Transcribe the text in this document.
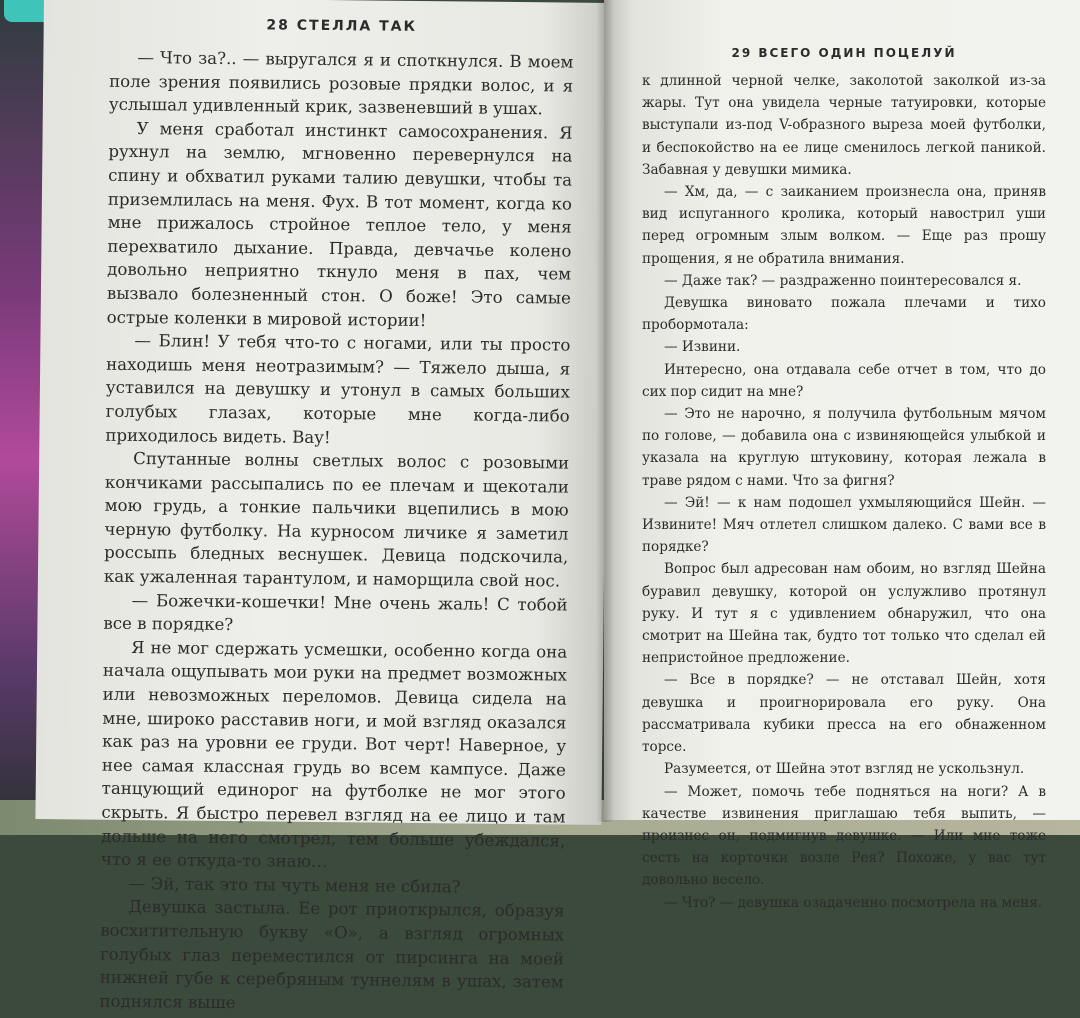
28 СТЕЛЛА ТАК

— Что за?.. — выругался я и споткнулся. В моем поле зрения появились розовые прядки волос, и я услышал удивленный крик, зазвеневший в ушах.

У меня сработал инстинкт самосохранения. Я рухнул на землю, мгновенно перевернулся на спину и обхватил руками талию девушки, чтобы та приземлилась на меня. Фух. В тот момент, когда ко мне прижалось стройное теплое тело, у меня перехватило дыхание. Правда, девчачье колено довольно неприятно ткнуло меня в пах, чем вызвало болезненный стон. О боже! Это самые острые коленки в мировой истории!

— Блин! У тебя что-то с ногами, или ты просто находишь меня неотразимым? — Тяжело дыша, я уставился на девушку и утонул в самых больших голубых глазах, которые мне когда-либо приходилось видеть. Вау!

Спутанные волны светлых волос с розовыми кончиками рассыпались по ее плечам и щекотали мою грудь, а тонкие пальчики вцепились в мою черную футболку. На курносом личике я заметил россыпь бледных веснушек. Девица подскочила, как ужаленная тарантулом, и наморщила свой нос.

— Божечки-кошечки! Мне очень жаль! С тобой все в порядке?

Я не мог сдержать усмешки, особенно когда она начала ощупывать мои руки на предмет возможных или невозможных переломов. Девица сидела на мне, широко расставив ноги, и мой взгляд оказался как раз на уровни ее груди. Вот черт! Наверное, у нее самая классная грудь во всем кампусе. Даже танцующий единорог на футболке не мог этого скрыть. Я быстро перевел взгляд на ее лицо и там дольше на него смотрел, тем больше убеждался, что я ее откуда-то знаю…

— Эй, так это ты чуть меня не сбила?

Девушка застыла. Ее рот приоткрылся, образуя восхитительную букву «О», а взгляд огромных голубых глаз переместился от пирсинга на моей нижней губе к серебряным туннелям в ушах, затем поднялся выше

29 ВСЕГО ОДИН ПОЦЕЛУЙ

к длинной черной челке, заколотой заколкой из-за жары. Тут она увидела черные татуировки, которые выступали из-под V-образного выреза моей футболки, и беспокойство на ее лице сменилось легкой паникой. Забавная у девушки мимика.

— Хм, да, — с заиканием произнесла она, приняв вид испуганного кролика, который навострил уши перед огромным злым волком. — Еще раз прошу прощения, я не обратила внимания.

— Даже так? — раздраженно поинтересовался я.

Девушка виновато пожала плечами и тихо пробормотала:

— Извини.

Интересно, она отдавала себе отчет в том, что до сих пор сидит на мне?

— Это не нарочно, я получила футбольным мячом по голове, — добавила она с извиняющейся улыбкой и указала на круглую штуковину, которая лежала в траве рядом с нами. Что за фигня?

— Эй! — к нам подошел ухмыляющийся Шейн. — Извините! Мяч отлетел слишком далеко. С вами все в порядке?

Вопрос был адресован нам обоим, но взгляд Шейна буравил девушку, которой он услужливо протянул руку. И тут я с удивлением обнаружил, что она смотрит на Шейна так, будто тот только что сделал ей непристойное предложение.

— Все в порядке? — не отставал Шейн, хотя девушка и проигнорировала его руку. Она рассматривала кубики пресса на его обнаженном торсе.

Разумеется, от Шейна этот взгляд не ускользнул.

— Может, помочь тебе подняться на ноги? А в качестве извинения приглашаю тебя выпить, — произнес он, подмигнув девушке. — Или мне тоже сесть на корточки возле Рея? Похоже, у вас тут довольно весело.

— Что? — девушка озадаченно посмотрела на меня.
